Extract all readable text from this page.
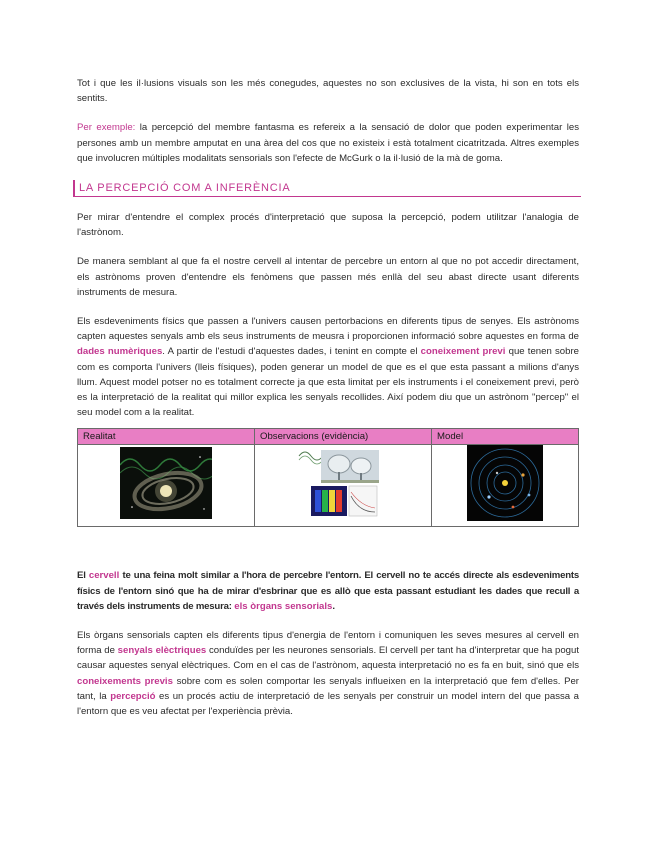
Tot i que les il·lusions visuals son les més conegudes, aquestes no son exclusives de la vista, hi son en tots els sentits.

Per exemple: la percepció del membre fantasma es refereix a la sensació de dolor que poden experimentar les persones amb un membre amputat en una àrea del cos que no existeix i està totalment cicatritzada. Altres exemples que involucren múltiples modalitats sensorials son l'efecte de McGurk o la il·lusió de la mà de goma.

LA PERCEPCIÓ COM A INFERÈNCIA

Per mirar d'entendre el complex procés d'interpretació que suposa la percepció, podem utilitzar l'analogia de l'astrònom.

De manera semblant al que fa el nostre cervell al intentar de percebre un entorn al que no pot accedir directament, els astrònoms proven d'entendre els fenòmens que passen més enllà del seu abast directe usant diferents instruments de mesura.

Els esdeveniments físics que passen a l'univers causen pertorbacions en diferents tipus de senyes. Els astrònoms capten aquestes senyals amb els seus instruments de meusra i proporcionen informació sobre aquestes en forma de dades numèriques. A partir de l'estudi d'aquestes dades, i tenint en compte el coneixement previ que tenen sobre com es comporta l'univers (lleis físiques), poden generar un model de que es el que esta passant a milions d'anys llum. Aquest model potser no es totalment correcte ja que esta limitat per els instruments i el coneixement previ, però es la interpretació de la realitat qui millor explica les senyals recollides. Així podem diu que un astrònom "percep" el seu model com a la realitat.

Realitat	Observacions (evidència)	Model

El cervell te una feina molt similar a l'hora de percebre l'entorn. El cervell no te accés directe als esdeveniments físics de l'entorn sinó que ha de mirar d'esbrinar que es allò que esta passant estudiant les dades que recull a través dels instruments de mesura: els òrgans sensorials.

Els òrgans sensorials capten els diferents tipus d'energia de l'entorn i comuniquen les seves mesures al cervell en forma de senyals elèctriques conduïdes per les neurones sensorials. El cervell per tant ha d'interpretar que ha pogut causar aquestes senyal elèctriques. Com en el cas de l'astrònom, aquesta interpretació no es fa en buit, sinó que els coneixements previs sobre com es solen comportar les senyals influeixen en la interpretació que fem d'elles. Per tant, la percepció es un procés actiu de interpretació de les senyals per construir un model intern del que passa a l'entorn que es veu afectat per l'experiència prèvia.
